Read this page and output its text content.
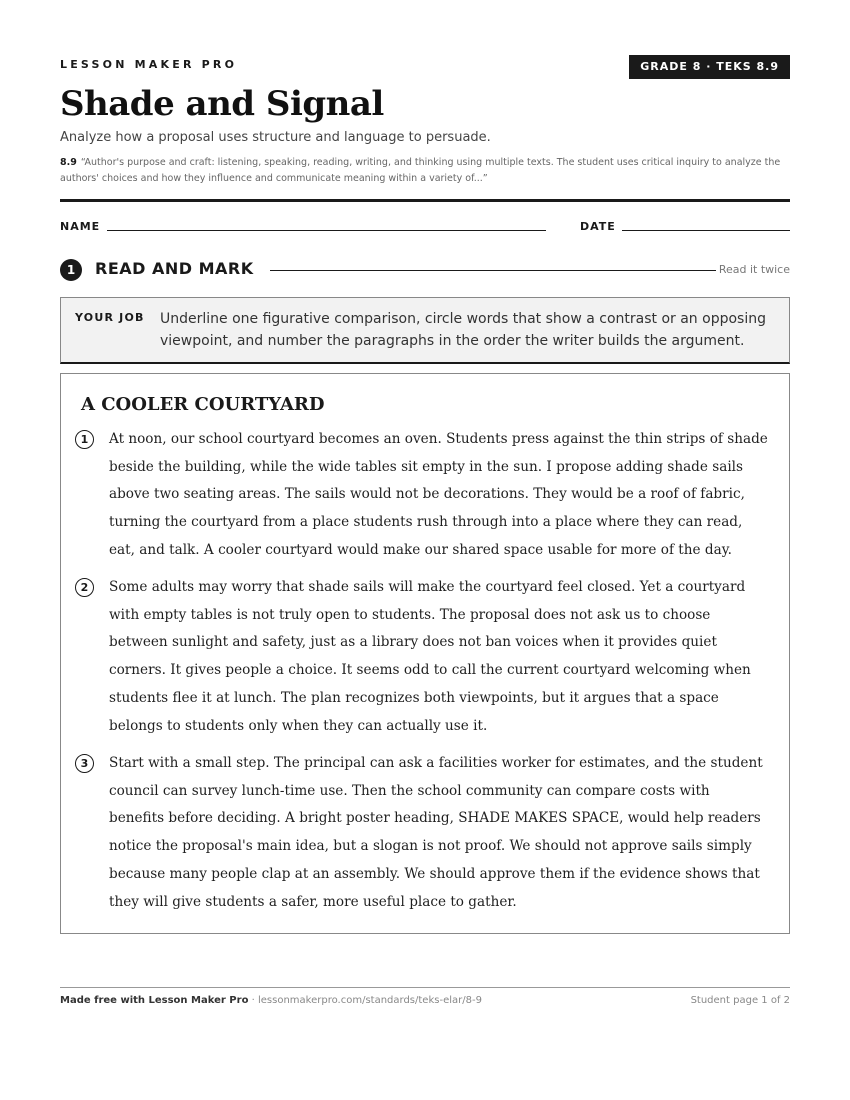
LESSON MAKER PRO	GRADE 8 · TEKS 8.9
Shade and Signal
Analyze how a proposal uses structure and language to persuade.
8.9 “Author's purpose and craft: listening, speaking, reading, writing, and thinking using multiple texts. The student uses critical inquiry to analyze the authors' choices and how they influence and communicate meaning within a variety of...”
NAME	DATE
1	READ AND MARK	Read it twice
YOUR JOB Underline one figurative comparison, circle words that show a contrast or an opposing viewpoint, and number the paragraphs in the order the writer builds the argument.
A COOLER COURTYARD
1	At noon, our school courtyard becomes an oven. Students press against the thin strips of shade beside the building, while the wide tables sit empty in the sun. I propose adding shade sails above two seating areas. The sails would not be decorations. They would be a roof of fabric, turning the courtyard from a place students rush through into a place where they can read, eat, and talk. A cooler courtyard would make our shared space usable for more of the day.

2	Some adults may worry that shade sails will make the courtyard feel closed. Yet a courtyard with empty tables is not truly open to students. The proposal does not ask us to choose between sunlight and safety, just as a library does not ban voices when it provides quiet corners. It gives people a choice. It seems odd to call the current courtyard welcoming when students flee it at lunch. The plan recognizes both viewpoints, but it argues that a space belongs to students only when they can actually use it.

3	Start with a small step. The principal can ask a facilities worker for estimates, and the student council can survey lunch-time use. Then the school community can compare costs with benefits before deciding. A bright poster heading, SHADE MAKES SPACE, would help readers notice the proposal's main idea, but a slogan is not proof. We should not approve sails simply because many people clap at an assembly. We should approve them if the evidence shows that they will give students a safer, more useful place to gather.

Made free with Lesson Maker Pro · lessonmakerpro.com/standards/teks-elar/8-9	Student page 1 of 2
